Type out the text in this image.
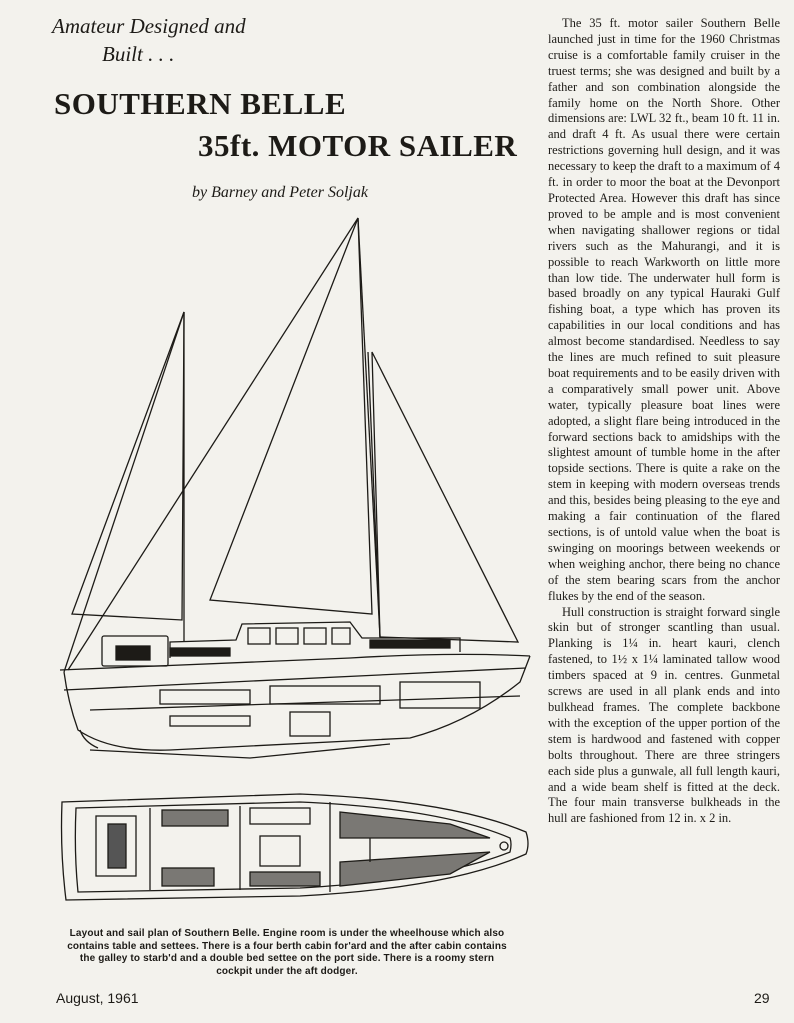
Amateur Designed and
Built . . .
SOUTHERN BELLE
35ft. MOTOR SAILER
by Barney and Peter Soljak

The 35 ft. motor sailer Southern Belle launched just in time for the 1960 Christmas cruise is a comfortable family cruiser in the truest terms; she was designed and built by a father and son combination alongside the family home on the North Shore. Other dimensions are: LWL 32 ft., beam 10 ft. 11 in. and draft 4 ft. As usual there were certain restrictions governing hull design, and it was necessary to keep the draft to a maximum of 4 ft. in order to moor the boat at the Devonport Protected Area. However this draft has since proved to be ample and is most convenient when navigating shallower regions or tidal rivers such as the Mahurangi, and it is possible to reach Warkworth on little more than low tide. The underwater hull form is based broadly on any typical Hauraki Gulf fishing boat, a type which has proven its capabilities in our local conditions and has almost become standardised. Needless to say the lines are much refined to suit pleasure boat requirements and to be easily driven with a comparatively small power unit. Above water, typically pleasure boat lines were adopted, a slight flare being introduced in the forward sections back to amidships with the slightest amount of tumble home in the after topside sections. There is quite a rake on the stem in keeping with modern overseas trends and this, besides being pleasing to the eye and making a fair continuation of the flared sections, is of untold value when the boat is swinging on moorings between weekends or when weighing anchor, there being no chance of the stem bearing scars from the anchor flukes by the end of the season.

Hull construction is straight forward single skin but of stronger scantling than usual. Planking is 1¼ in. heart kauri, clench fastened, to 1½ x 1¼ laminated tallow wood timbers spaced at 9 in. centres. Gunmetal screws are used in all plank ends and into bulkhead frames. The complete backbone with the exception of the upper portion of the stem is hardwood and fastened with copper bolts throughout. There are three stringers each side plus a gunwale, all full length kauri, and a wide beam shelf is fitted at the deck. The four main transverse bulkheads in the hull are fashioned from 12 in. x 2 in.

Layout and sail plan of Southern Belle. Engine room is under the wheelhouse which also contains table and settees. There is a four berth cabin for'ard and the after cabin contains the galley to starb'd and a double bed settee on the port side. There is a roomy stern cockpit under the aft dodger.
August, 1961	29
